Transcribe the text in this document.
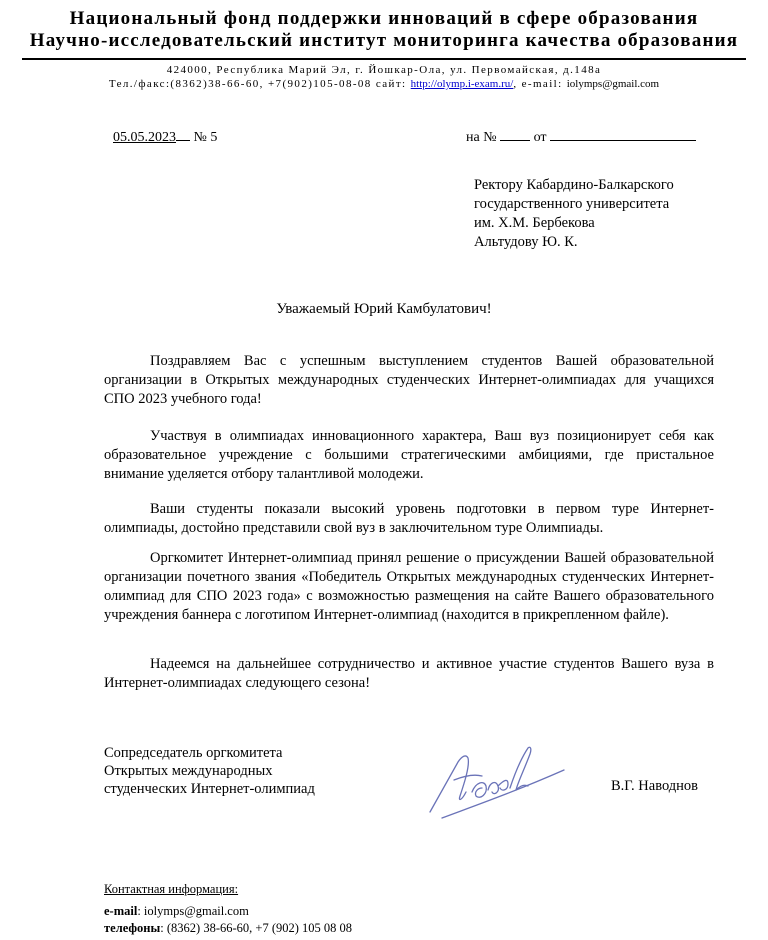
Национальный фонд поддержки инноваций в сфере образования
Научно-исследовательский институт мониторинга качества образования
424000, Республика Марий Эл, г. Йошкар-Ола, ул. Первомайская, д.148а
Тел./факс:(8362)38-66-60, +7(902)105-08-08 сайт: http://olymp.i-exam.ru/, e-mail: iolymps@gmail.com
05.05.2023 № 5	на №	от
Ректору Кабардино-Балкарского
государственного университета
им. Х.М. Бербекова
Альтудову Ю. К.
Уважаемый Юрий Камбулатович!
Поздравляем Вас с успешным выступлением студентов Вашей образовательной организации в Открытых международных студенческих Интернет-олимпиадах для учащихся СПО 2023 учебного года!
Участвуя в олимпиадах инновационного характера, Ваш вуз позиционирует себя как образовательное учреждение с большими стратегическими амбициями, где пристальное внимание уделяется отбору талантливой молодежи.
Ваши студенты показали высокий уровень подготовки в первом туре Интернет-олимпиады, достойно представили свой вуз в заключительном туре Олимпиады.
Оргкомитет Интернет-олимпиад принял решение о присуждении Вашей образовательной организации почетного звания «Победитель Открытых международных студенческих Интернет-олимпиад для СПО 2023 года» с возможностью размещения на сайте Вашего образовательного учреждения баннера с логотипом Интернет-олимпиад (находится в прикрепленном файле).
Надеемся на дальнейшее сотрудничество и активное участие студентов Вашего вуза в Интернет-олимпиадах следующего сезона!
Сопредседатель оргкомитета
Открытых международных
студенческих Интернет-олимпиад	В.Г. Наводнов
Контактная информация:
e-mail: iolymps@gmail.com
телефоны: (8362) 38-66-60, +7 (902) 105 08 08
